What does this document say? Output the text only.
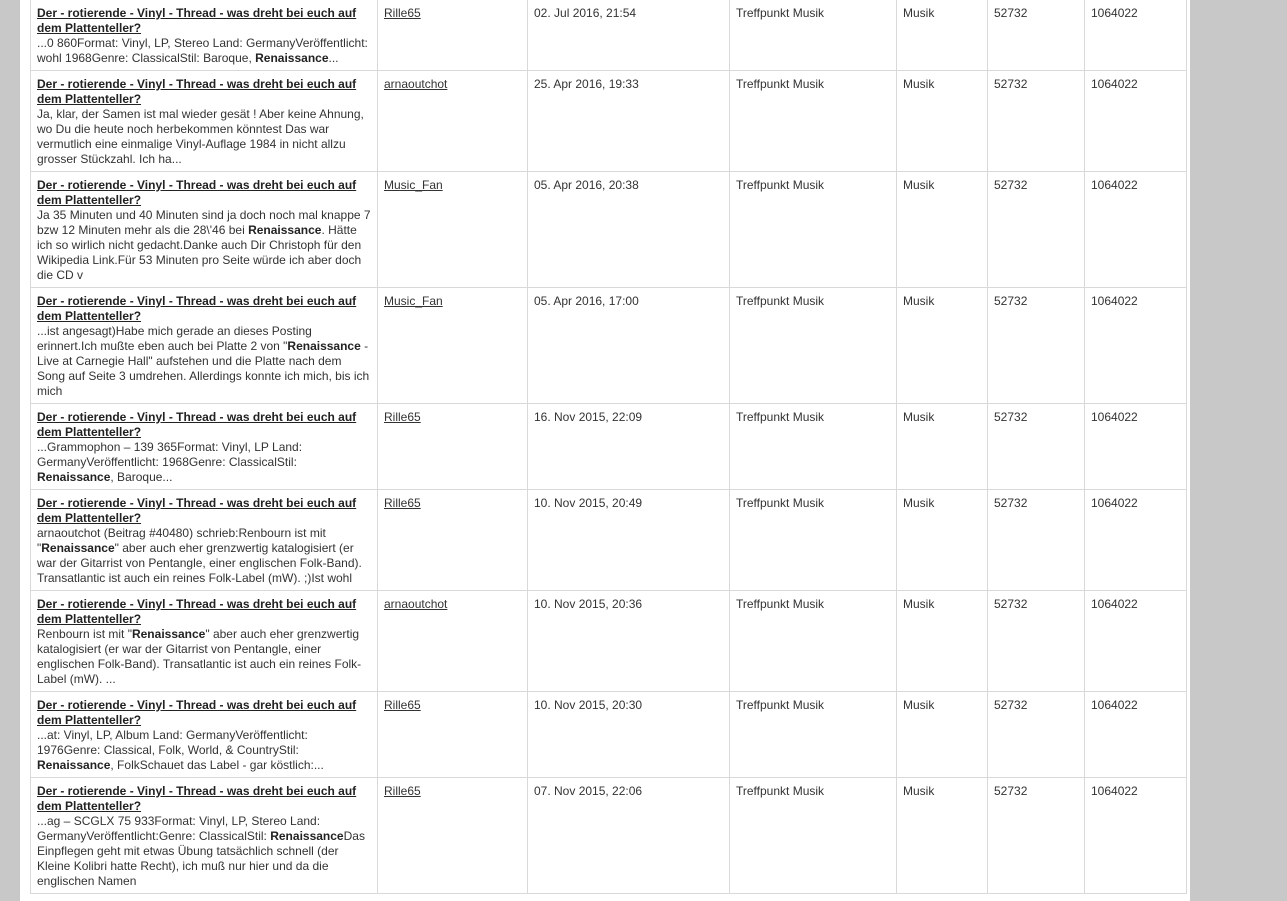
Der - rotierende - Vinyl - Thread - was dreht bei euch auf dem Plattenteller?
...0 860Format: Vinyl, LP, Stereo Land: GermanyVeröffentlicht: wohl 1968Genre: ClassicalStil: Baroque, Renaissance...	Rille65	02. Jul 2016, 21:54	Treffpunkt Musik	Musik	52732	1064022
Der - rotierende - Vinyl - Thread - was dreht bei euch auf dem Plattenteller?
Ja, klar, der Samen ist mal wieder gesät ! Aber keine Ahnung, wo Du die heute noch herbekommen könntest Das war vermutlich eine einmalige Vinyl-Auflage 1984 in nicht allzu grosser Stückzahl. Ich ha...	arnaoutchot	25. Apr 2016, 19:33	Treffpunkt Musik	Musik	52732	1064022
Der - rotierende - Vinyl - Thread - was dreht bei euch auf dem Plattenteller?
Ja 35 Minuten und 40 Minuten sind ja doch noch mal knappe 7 bzw 12 Minuten mehr als die 28\'46 bei Renaissance. Hätte ich so wirlich nicht gedacht.Danke auch Dir Christoph für den Wikipedia Link.Für 53 Minuten pro Seite würde ich aber doch die CD v	Music_Fan	05. Apr 2016, 20:38	Treffpunkt Musik	Musik	52732	1064022
Der - rotierende - Vinyl - Thread - was dreht bei euch auf dem Plattenteller?
...ist angesagt)Habe mich gerade an dieses Posting erinnert.Ich mußte eben auch bei Platte 2 von "Renaissance - Live at Carnegie Hall" aufstehen und die Platte nach dem Song auf Seite 3 umdrehen. Allerdings konnte ich mich, bis ich mich	Music_Fan	05. Apr 2016, 17:00	Treffpunkt Musik	Musik	52732	1064022
Der - rotierende - Vinyl - Thread - was dreht bei euch auf dem Plattenteller?
...Grammophon – 139 365Format: Vinyl, LP Land: GermanyVeröffentlicht: 1968Genre: ClassicalStil: Renaissance, Baroque...	Rille65	16. Nov 2015, 22:09	Treffpunkt Musik	Musik	52732	1064022
Der - rotierende - Vinyl - Thread - was dreht bei euch auf dem Plattenteller?
arnaoutchot (Beitrag #40480) schrieb:Renbourn ist mit "Renaissance" aber auch eher grenzwertig katalogisiert (er war der Gitarrist von Pentangle, einer englischen Folk-Band). Transatlantic ist auch ein reines Folk-Label (mW). ;)Ist wohl	Rille65	10. Nov 2015, 20:49	Treffpunkt Musik	Musik	52732	1064022
Der - rotierende - Vinyl - Thread - was dreht bei euch auf dem Plattenteller?
Renbourn ist mit "Renaissance" aber auch eher grenzwertig katalogisiert (er war der Gitarrist von Pentangle, einer englischen Folk-Band). Transatlantic ist auch ein reines Folk-Label (mW). ...	arnaoutchot	10. Nov 2015, 20:36	Treffpunkt Musik	Musik	52732	1064022
Der - rotierende - Vinyl - Thread - was dreht bei euch auf dem Plattenteller?
...at: Vinyl, LP, Album Land: GermanyVeröffentlicht: 1976Genre: Classical, Folk, World, & CountryStil: Renaissance, FolkSchauet das Label - gar köstlich:...	Rille65	10. Nov 2015, 20:30	Treffpunkt Musik	Musik	52732	1064022
Der - rotierende - Vinyl - Thread - was dreht bei euch auf dem Plattenteller?
...ag – SCGLX 75 933Format: Vinyl, LP, Stereo Land: GermanyVeröffentlicht:Genre: ClassicalStil: RenaissanceDas Einpflegen geht mit etwas Übung tatsächlich schnell (der Kleine Kolibri hatte Recht), ich muß nur hier und da die englischen Namen	Rille65	07. Nov 2015, 22:06	Treffpunkt Musik	Musik	52732	1064022
